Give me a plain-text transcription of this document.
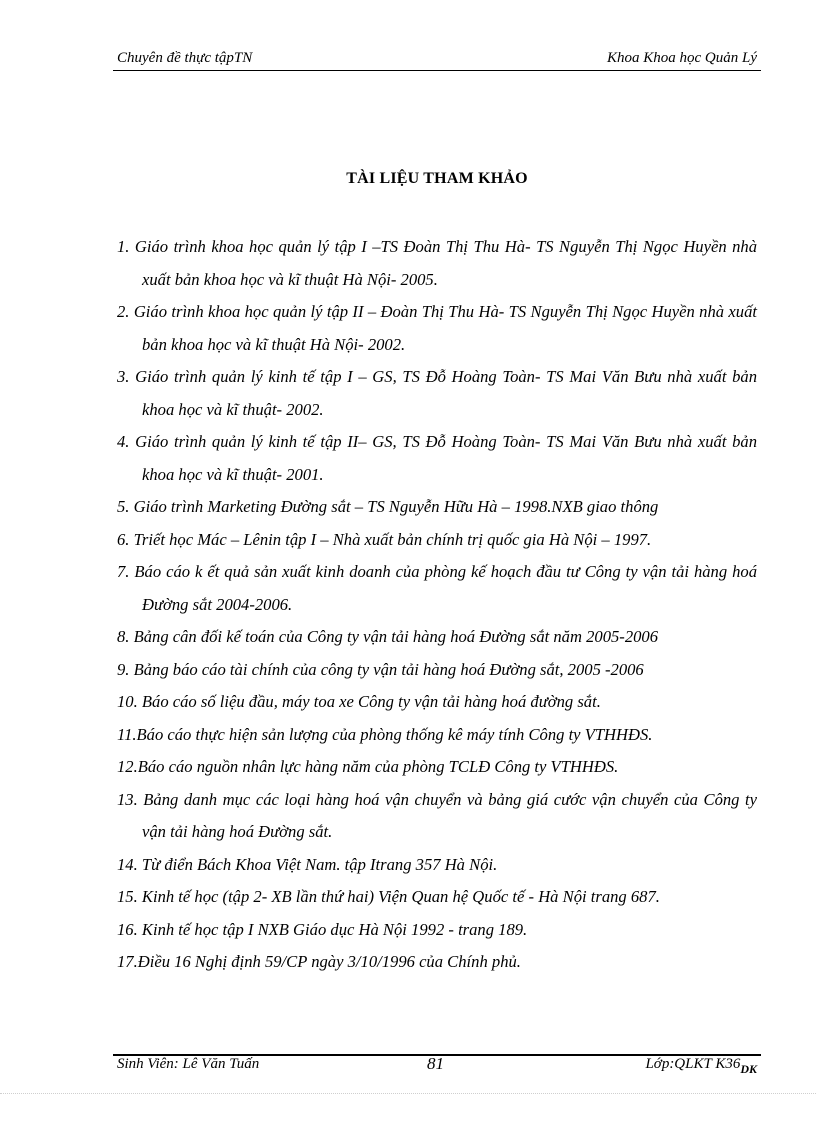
Chuyên đề thực tậpTN	Khoa Khoa học Quản Lý
TÀI LIỆU THAM KHẢO
1. Giáo trình khoa học quản lý tập I –TS Đoàn Thị Thu Hà- TS Nguyễn Thị Ngọc Huyền nhà xuất bản khoa học và kĩ thuật Hà Nội- 2005.
2. Giáo trình khoa học quản lý tập II – Đoàn Thị Thu Hà- TS Nguyễn Thị Ngọc Huyền nhà xuất bản khoa học và kĩ thuật Hà Nội- 2002.
3. Giáo trình quản lý kinh tế tập I – GS, TS Đỗ Hoàng Toàn- TS Mai Văn Bưu nhà xuất bản khoa học và kĩ thuật- 2002.
4. Giáo trình quản lý kinh tế tập II– GS, TS Đỗ Hoàng Toàn- TS Mai Văn Bưu nhà xuất bản khoa học và kĩ thuật- 2001.
5. Giáo trình Marketing Đường sắt – TS Nguyễn Hữu Hà – 1998.NXB giao thông
6. Triết học Mác – Lênin tập I – Nhà xuất bản chính trị quốc gia Hà Nội – 1997.
7. Báo cáo k ết quả sản xuất kinh doanh của phòng kế hoạch đầu tư Công ty vận tải hàng hoá Đường sắt 2004-2006.
8. Bảng cân đối kế toán của Công ty vận tải hàng hoá Đường sắt năm 2005-2006
9. Bảng báo cáo tài chính của công ty vận tải hàng hoá Đường sắt, 2005 -2006
10. Báo cáo số liệu đầu, máy toa xe Công ty vận tải hàng hoá đường sắt.
11.Báo cáo thực hiện sản lượng của phòng thống kê máy tính Công ty VTHHĐS.
12.Báo cáo nguồn nhân lực hàng năm của phòng TCLĐ Công ty VTHHĐS.
13. Bảng danh mục các loại hàng hoá vận chuyển và bảng giá cước vận chuyển của Công ty vận tải hàng hoá Đường sắt.
14. Từ điển Bách Khoa Việt Nam. tập Itrang 357 Hà Nội.
15. Kinh tế học (tập 2- XB lần thứ hai) Viện Quan hệ Quốc tế - Hà Nội trang 687.
16. Kinh tế học tập I NXB Giáo dục Hà Nội 1992 - trang 189.
17.Điều 16 Nghị định 59/CP ngày 3/10/1996 của Chính phủ.
Sinh Viên: Lê Văn Tuấn	81	Lớp:QLKT $K36_{DK}$
